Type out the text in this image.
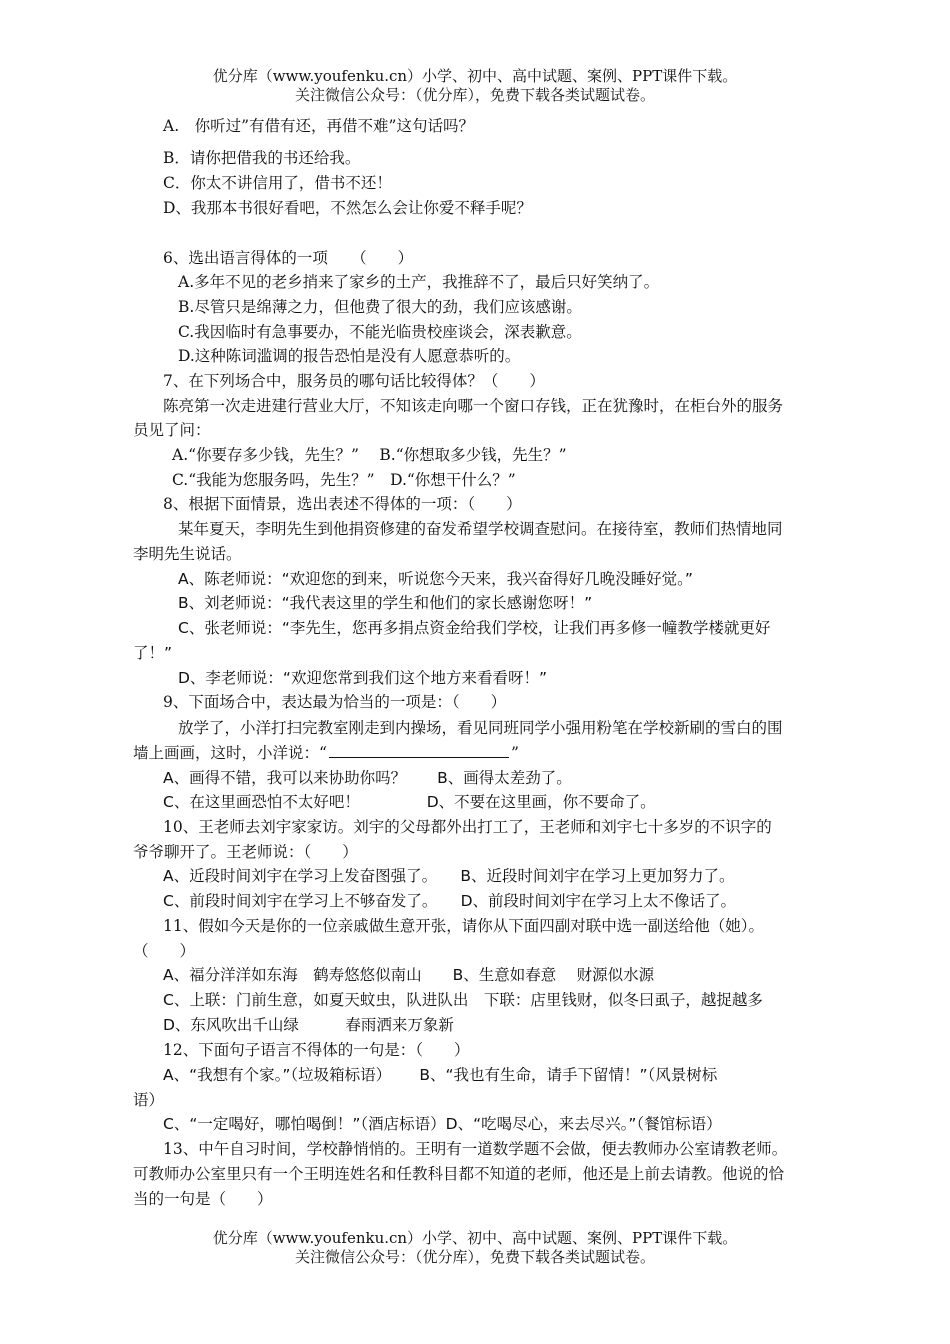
优分库（www.youfenku.cn）小学、初中、高中试题、案例、PPT课件下载。
关注微信公众号：（优分库），免费下载各类试题试卷。
A.　你听过”有借有还，再借不难”这句话吗？
B．请你把借我的书还给我。
C．你太不讲信用了，借书不还！
D、我那本书很好看吧，不然怎么会让你爱不释手呢？
6、选出语言得体的一项　　（　　）
A.多年不见的老乡捎来了家乡的土产，我推辞不了，最后只好笑纳了。
B.尽管只是绵薄之力，但他费了很大的劲，我们应该感谢。
C.我因临时有急事要办，不能光临贵校座谈会，深表歉意。
D.这种陈词滥调的报告恐怕是没有人愿意恭听的。
7、在下列场合中，服务员的哪句话比较得体？（　　）
陈亮第一次走进建行营业大厅，不知该走向哪一个窗口存钱，正在犹豫时，在柜台外的服务
员见了问：
A.“你要存多少钱，先生？”　 B.“你想取多少钱，先生？”
C.“我能为您服务吗，先生？”　D.“你想干什么？”
8、根据下面情景，选出表述不得体的一项：（　　）
某年夏天，李明先生到他捐资修建的奋发希望学校调查慰问。在接待室，教师们热情地同
李明先生说话。
A、陈老师说：“欢迎您的到来，听说您今天来，我兴奋得好几晚没睡好觉。”
B、刘老师说：“我代表这里的学生和他们的家长感谢您呀！”
C、张老师说：“李先生，您再多捐点资金给我们学校，让我们再多修一幢教学楼就更好
了！”
D、李老师说：“欢迎您常到我们这个地方来看看呀！”
9、下面场合中，表达最为恰当的一项是：（　　）
放学了，小洋打扫完教室刚走到内操场，看见同班同学小强用粉笔在学校新刷的雪白的围
墙上画画，这时，小洋说：“	”
A、画得不错，我可以来协助你吗？　　B、画得太差劲了。
C、在这里画恐怕不太好吧！　　　　 D、不要在这里画，你不要命了。
10、王老师去刘宇家家访。刘宇的父母都外出打工了，王老师和刘宇七十多岁的不识字的
爷爷聊开了。王老师说：（　　）
A、近段时间刘宇在学习上发奋图强了。　　B、近段时间刘宇在学习上更加努力了。
C、前段时间刘宇在学习上不够奋发了。　　D、前段时间刘宇在学习上太不像话了。
11、假如今天是你的一位亲戚做生意开张，请你从下面四副对联中选一副送给他（她）。
（　　）
A、福分洋洋如东海　鹤寿悠悠似南山　　B、生意如春意　 财源似水源
C、上联：门前生意，如夏天蚊虫，队进队出　下联：店里钱财，似冬曰虱子，越捉越多
D、东风吹出千山绿　　　春雨洒来万象新
12、下面句子语言不得体的一句是：（　　）
A、“我想有个家。”（垃圾箱标语）　　 B、“我也有生命，请手下留情！”（风景树标
语）
C、“一定喝好，哪怕喝倒！”（酒店标语）D、“吃喝尽心，来去尽兴。”（餐馆标语）
13、中午自习时间，学校静悄悄的。王明有一道数学题不会做，便去教师办公室请教老师。
可教师办公室里只有一个王明连姓名和任教科目都不知道的老师，他还是上前去请教。他说的恰
当的一句是（　　）
优分库（www.youfenku.cn）小学、初中、高中试题、案例、PPT课件下载。
关注微信公众号：（优分库），免费下载各类试题试卷。
